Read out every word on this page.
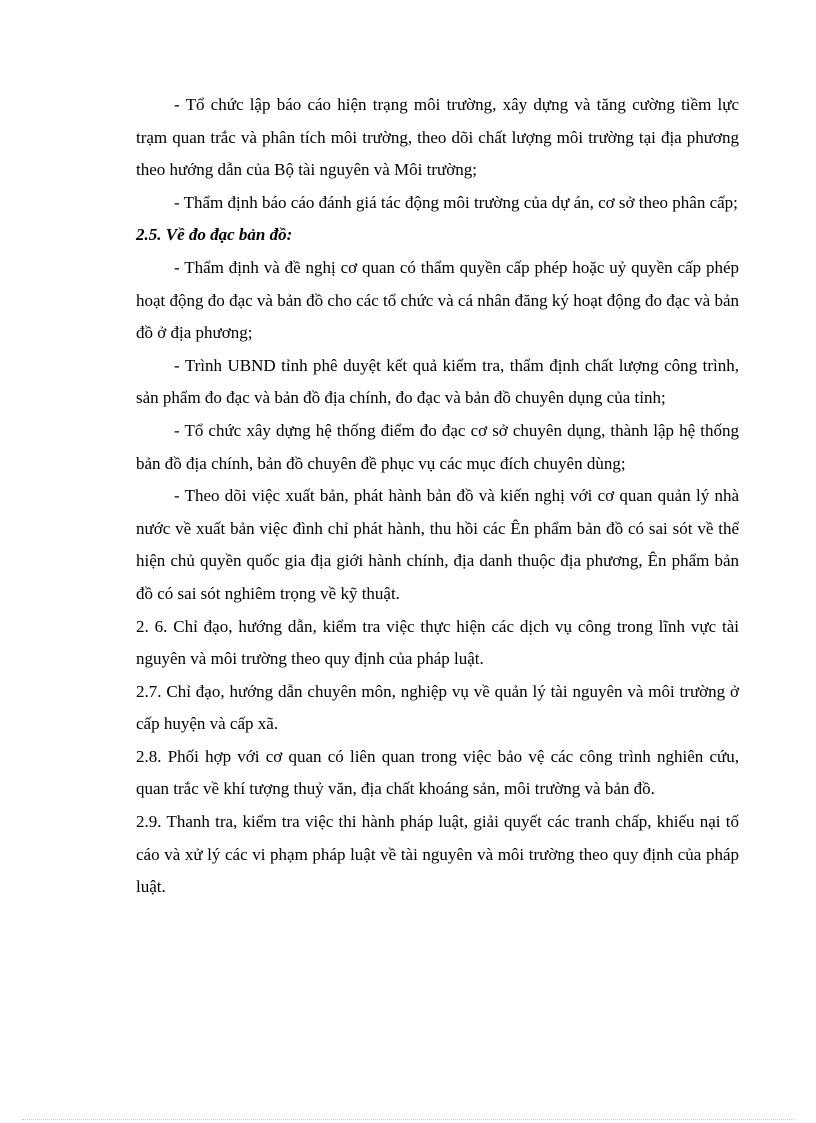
- Tổ chức lập báo cáo hiện trạng môi trường, xây dựng và tăng cường tiềm lực trạm quan trắc và phân tích môi trường, theo dõi chất lượng môi trường tại địa phương theo hướng dẫn của Bộ tài nguyên và Môi trường;

- Thẩm định báo cáo đánh giá tác động môi trường của dự án, cơ sở theo phân cấp;

2.5. Về đo đạc bản đồ:

- Thẩm định và đề nghị cơ quan có thẩm quyền cấp phép hoặc uỷ quyền cấp phép hoạt động đo đạc và bản đồ cho các tổ chức và cá nhân đăng ký hoạt động đo đạc và bản đồ ở địa phương;

- Trình UBND tỉnh phê duyệt kết quả kiểm tra, thẩm định chất lượng công trình, sản phẩm đo đạc và bản đồ địa chính, đo đạc và bản đồ chuyên dụng của tỉnh;

- Tổ chức xây dựng hệ thống điểm đo đạc cơ sở chuyên dụng, thành lập hệ thống bản đồ địa chính, bản đồ chuyên đề phục vụ các mục đích chuyên dùng;

- Theo dõi việc xuất bản, phát hành bản đồ và kiến nghị với cơ quan quản lý nhà nước về xuất bản việc đình chỉ phát hành, thu hồi các Ên phẩm bản đồ có sai sót về thể hiện chủ quyền quốc gia địa giới hành chính, địa danh thuộc địa phương, Ên phẩm bản đồ có sai sót nghiêm trọng về kỹ thuật.

2. 6. Chỉ đạo, hướng dẫn, kiểm tra việc thực hiện các dịch vụ công trong lĩnh vực tài nguyên và môi trường theo quy định của pháp luật.

2.7. Chỉ đạo, hướng dẫn chuyên môn, nghiệp vụ về quản lý tài nguyên và môi trường ở cấp huyện và cấp xã.

2.8. Phối hợp với cơ quan có liên quan trong việc bảo vệ các công trình nghiên cứu, quan trắc về khí tượng thuỷ văn, địa chất khoáng sản, môi trường và bản đồ.

2.9. Thanh tra, kiểm tra việc thi hành pháp luật, giải quyết các tranh chấp, khiếu nại tố cáo và xử lý các vi phạm pháp luật về tài nguyên và môi trường theo quy định của pháp luật.
